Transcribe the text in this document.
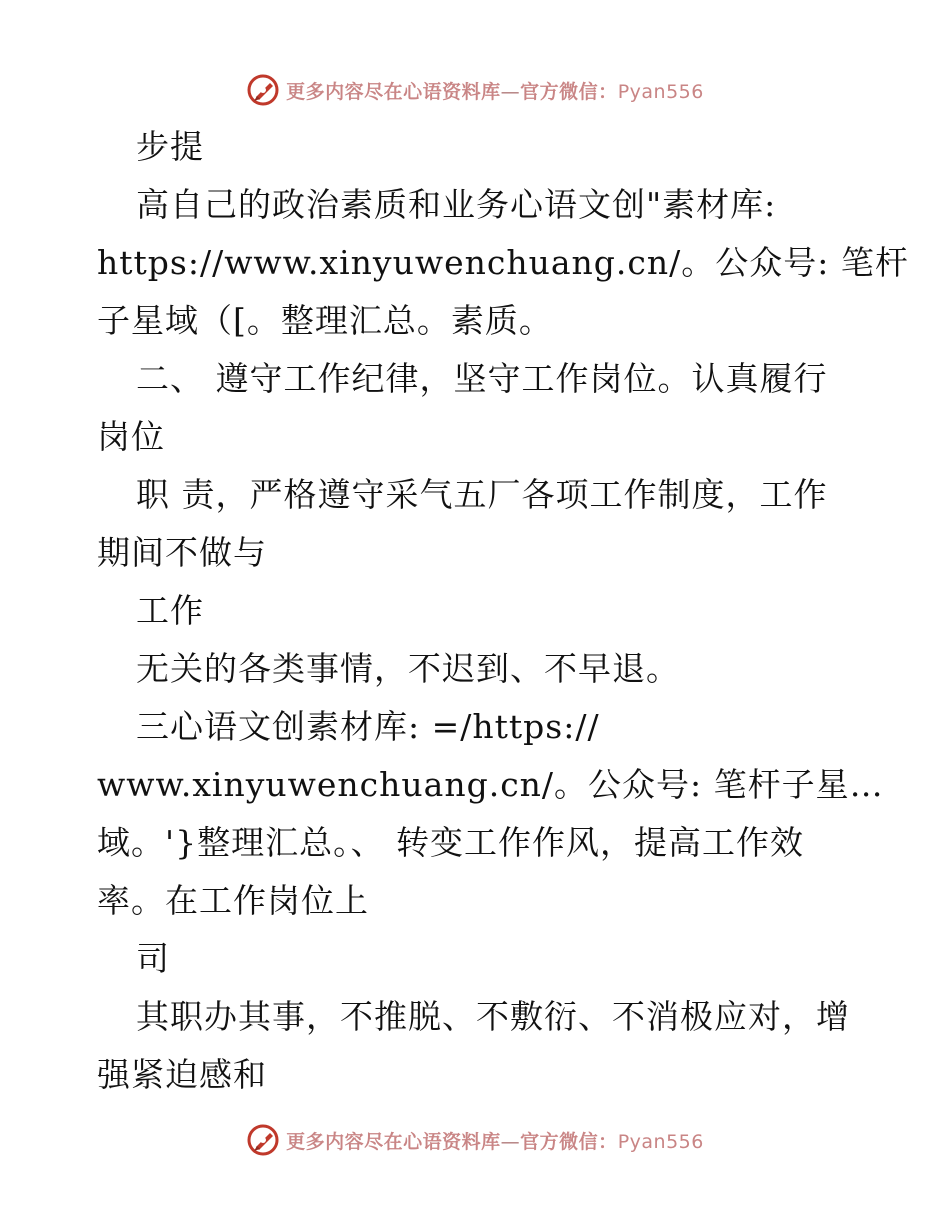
更多内容尽在心语资料库—官方微信：Pyan556
步提
高自己的政治素质和业务心语文创"素材库:
https://www.xinyuwenchuang.cn/。公众号: 笔杆
子星域（[。整理汇总。素质。
二、 遵守工作纪律，坚守工作岗位。认真履行
岗位
职 责，严格遵守采气五厂各项工作制度，工作
期间不做与
工作
无关的各类事情，不迟到、不早退。
三心语文创素材库: =/https://
www.xinyuwenchuang.cn/。公众号: 笔杆子星…
域。'}整理汇总。、 转变工作作风，提高工作效
率。在工作岗位上
司
其职办其事，不推脱、不敷衍、不消极应对，增
强紧迫感和
更多内容尽在心语资料库—官方微信：Pyan556
